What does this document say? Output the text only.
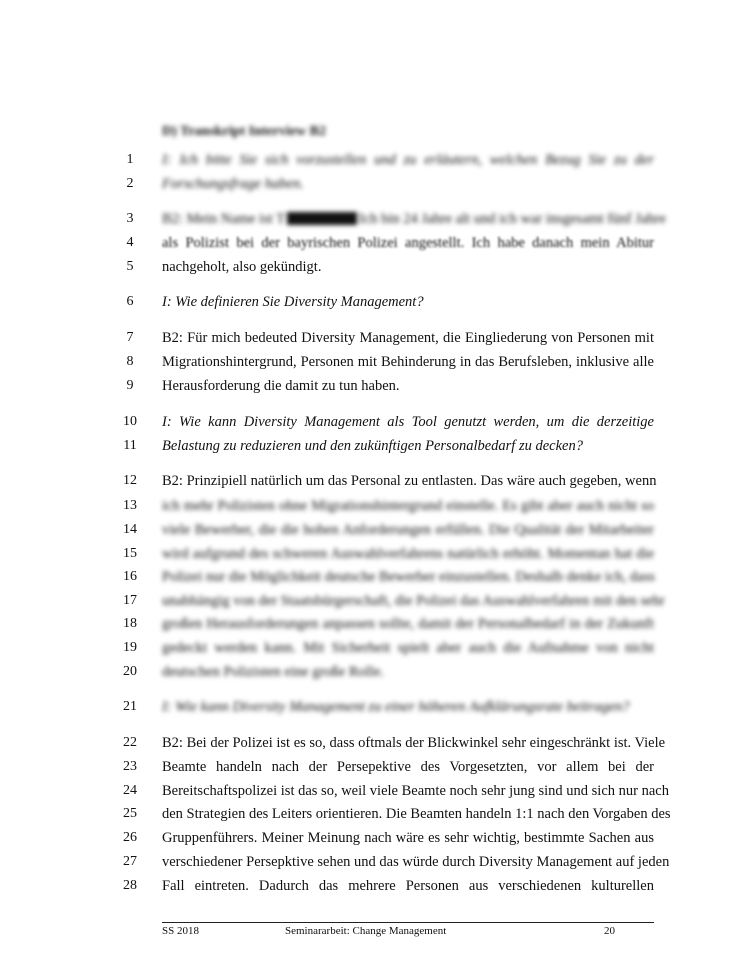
D) Transkript Interview B2
1	I: Ich bitte Sie sich vorzustellen und zu erläutern, welchen Bezug Sie zu der
2	Forschungsfrage haben.
3	B2: Mein Name ist T	Ich bin 24 Jahre alt und ich war insgesamt fünf Jahre
4	als Polizist bei der bayrischen Polizei angestellt. Ich habe danach mein Abitur
5	nachgeholt, also gekündigt.
6	I: Wie definieren Sie Diversity Management?
7	B2: Für mich bedeuted Diversity Management, die Eingliederung von Personen mit
8	Migrationshintergrund, Personen mit Behinderung in das Berufsleben, inklusive alle
9	Herausforderung die damit zu tun haben.
10	I: Wie kann Diversity Management als Tool genutzt werden, um die derzeitige
11	Belastung zu reduzieren und den zukünftigen Personalbedarf zu decken?
12	B2: Prinzipiell natürlich um das Personal zu entlasten. Das wäre auch gegeben, wenn
13	ich mehr Polizisten ohne Migrationshintergrund einstelle. Es gibt aber auch nicht so
14	viele Bewerber, die die hohen Anforderungen erfüllen. Die Qualität der Mitarbeiter
15	wird aufgrund des schweren Auswahlverfahrens natürlich erhöht. Momentan hat die
16	Polizei nur die Möglichkeit deutsche Bewerber einzustellen. Deshalb denke ich, dass
17	unabhängig von der Staatsbürgerschaft, die Polizei das Auswahlverfahren mit den sehr
18	großen Herausforderungen anpassen sollte, damit der Personalbedarf in der Zukunft
19	gedeckt werden kann. Mit Sicherheit spielt aber auch die Aufnahme von nicht
20	deutschen Polizisten eine große Rolle.
21	I: Wie kann Diversity Management zu einer höheren Aufklärungsrate beitragen?
22	B2: Bei der Polizei ist es so, dass oftmals der Blickwinkel sehr eingeschränkt ist. Viele
23	Beamte handeln nach der Persepektive des Vorgesetzten, vor allem bei der
24	Bereitschaftspolizei ist das so, weil viele Beamte noch sehr jung sind und sich nur nach
25	den Strategien des Leiters orientieren. Die Beamten handeln 1:1 nach den Vorgaben des
26	Gruppenführers. Meiner Meinung nach wäre es sehr wichtig, bestimmte Sachen aus
27	verschiedener Persepktive sehen und das würde durch Diversity Management auf jeden
28	Fall eintreten. Dadurch das mehrere Personen aus verschiedenen kulturellen
SS 2018	Seminararbeit: Change Management	20
